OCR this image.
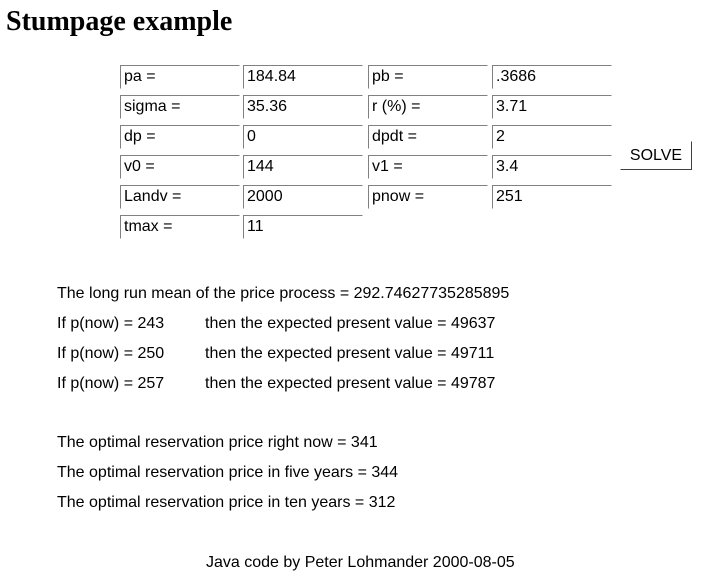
Stumpage example
pa =	184.84	pb =	.3686
sigma =	35.36	r (%) =	3.71
dp =	0	dpdt =	2
v0 =	144	v1 =	3.4
Landv =	2000	pnow =	251
tmax =	11
SOLVE
The long run mean of the price process = 292.74627735285895
If p(now) = 243	then the expected present value = 49637
If p(now) = 250	then the expected present value = 49711
If p(now) = 257	then the expected present value = 49787
The optimal reservation price right now = 341
The optimal reservation price in five years = 344
The optimal reservation price in ten years = 312
Java code by Peter Lohmander 2000-08-05
